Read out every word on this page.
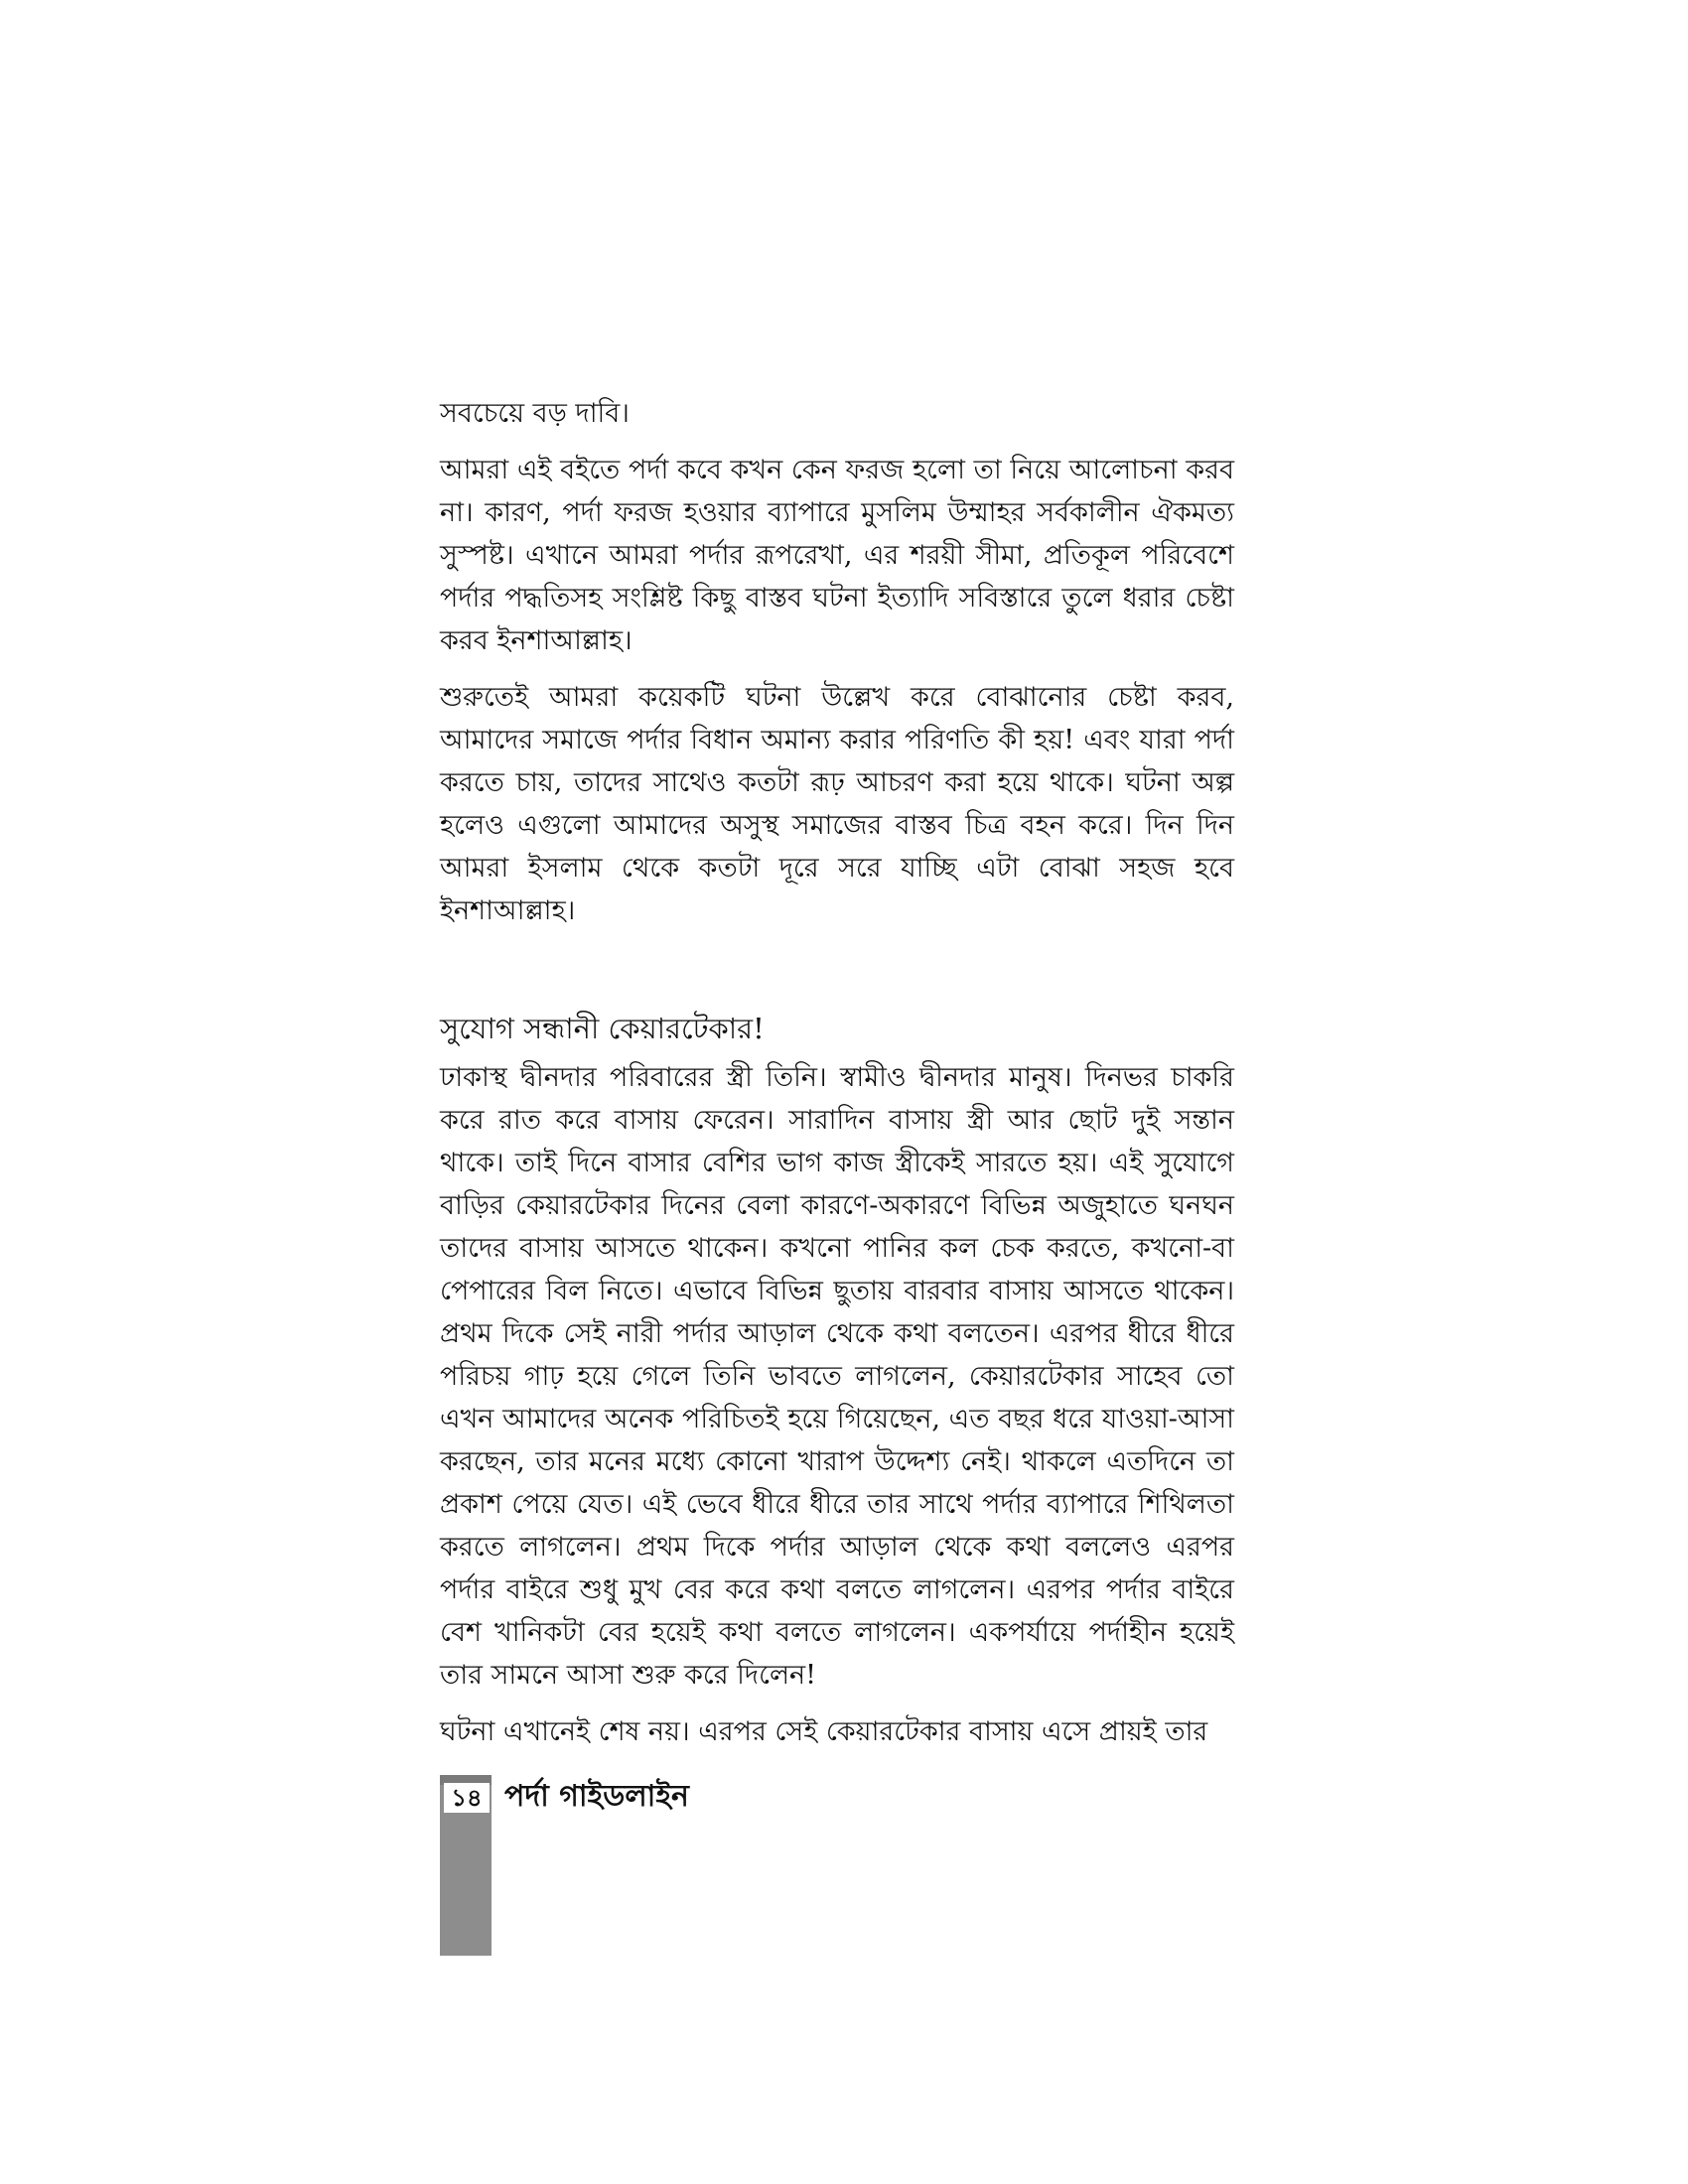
সবচেয়ে বড় দাবি।

আমরা এই বইতে পর্দা কবে কখন কেন ফরজ হলো তা নিয়ে আলোচনা করব না। কারণ, পর্দা ফরজ হওয়ার ব্যাপারে মুসলিম উম্মাহর সর্বকালীন ঐকমত্য সুস্পষ্ট। এখানে আমরা পর্দার রূপরেখা, এর শরয়ী সীমা, প্রতিকূল পরিবেশে পর্দার পদ্ধতিসহ সংশ্লিষ্ট কিছু বাস্তব ঘটনা ইত্যাদি সবিস্তারে তুলে ধরার চেষ্টা করব ইনশাআল্লাহ।

শুরুতেই আমরা কয়েকটি ঘটনা উল্লেখ করে বোঝানোর চেষ্টা করব, আমাদের সমাজে পর্দার বিধান অমান্য করার পরিণতি কী হয়! এবং যারা পর্দা করতে চায়, তাদের সাথেও কতটা রূঢ় আচরণ করা হয়ে থাকে। ঘটনা অল্প হলেও এগুলো আমাদের অসুস্থ সমাজের বাস্তব চিত্র বহন করে। দিন দিন আমরা ইসলাম থেকে কতটা দূরে সরে যাচ্ছি এটা বোঝা সহজ হবে ইনশাআল্লাহ।

সুযোগ সন্ধানী কেয়ারটেকার!

ঢাকাস্থ দ্বীনদার পরিবারের স্ত্রী তিনি। স্বামীও দ্বীনদার মানুষ। দিনভর চাকরি করে রাত করে বাসায় ফেরেন। সারাদিন বাসায় স্ত্রী আর ছোট দুই সন্তান থাকে। তাই দিনে বাসার বেশির ভাগ কাজ স্ত্রীকেই সারতে হয়। এই সুযোগে বাড়ির কেয়ারটেকার দিনের বেলা কারণে-অকারণে বিভিন্ন অজুহাতে ঘনঘন তাদের বাসায় আসতে থাকেন। কখনো পানির কল চেক করতে, কখনো-বা পেপারের বিল নিতে। এভাবে বিভিন্ন ছুতায় বারবার বাসায় আসতে থাকেন। প্রথম দিকে সেই নারী পর্দার আড়াল থেকে কথা বলতেন। এরপর ধীরে ধীরে পরিচয় গাঢ় হয়ে গেলে তিনি ভাবতে লাগলেন, কেয়ারটেকার সাহেব তো এখন আমাদের অনেক পরিচিতই হয়ে গিয়েছেন, এত বছর ধরে যাওয়া-আসা করছেন, তার মনের মধ্যে কোনো খারাপ উদ্দেশ্য নেই। থাকলে এতদিনে তা প্রকাশ পেয়ে যেত। এই ভেবে ধীরে ধীরে তার সাথে পর্দার ব্যাপারে শিথিলতা করতে লাগলেন। প্রথম দিকে পর্দার আড়াল থেকে কথা বললেও এরপর পর্দার বাইরে শুধু মুখ বের করে কথা বলতে লাগলেন। এরপর পর্দার বাইরে বেশ খানিকটা বের হয়েই কথা বলতে লাগলেন। একপর্যায়ে পর্দাহীন হয়েই তার সামনে আসা শুরু করে দিলেন!

ঘটনা এখানেই শেষ নয়। এরপর সেই কেয়ারটেকার বাসায় এসে প্রায়ই তার

১৪ পর্দা গাইডলাইন
